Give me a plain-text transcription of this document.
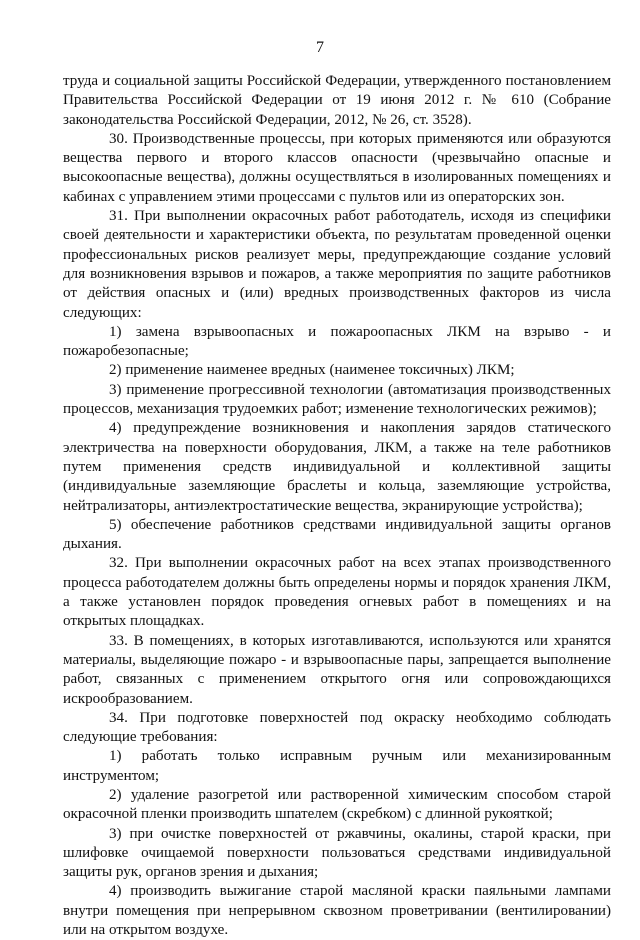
7

труда и социальной защиты Российской Федерации, утвержденного постановлением Правительства Российской Федерации от 19 июня 2012 г. № 610 (Собрание законодательства Российской Федерации, 2012, № 26, ст. 3528).

30. Производственные процессы, при которых применяются или образуются вещества первого и второго классов опасности (чрезвычайно опасные и высокоопасные вещества), должны осуществляться в изолированных помещениях и кабинах с управлением этими процессами с пультов или из операторских зон.

31. При выполнении окрасочных работ работодатель, исходя из специфики своей деятельности и характеристики объекта, по результатам проведенной оценки профессиональных рисков реализует меры, предупреждающие создание условий для возникновения взрывов и пожаров, а также мероприятия по защите работников от действия опасных и (или) вредных производственных факторов из числа следующих:

1) замена взрывоопасных и пожароопасных ЛКМ на взрыво - и пожаробезопасные;

2) применение наименее вредных (наименее токсичных) ЛКМ;

3) применение прогрессивной технологии (автоматизация производственных процессов, механизация трудоемких работ; изменение технологических режимов);

4) предупреждение возникновения и накопления зарядов статического электричества на поверхности оборудования, ЛКМ, а также на теле работников путем применения средств индивидуальной и коллективной защиты (индивидуальные заземляющие браслеты и кольца, заземляющие устройства, нейтрализаторы, антиэлектростатические вещества, экранирующие устройства);

5) обеспечение работников средствами индивидуальной защиты органов дыхания.

32. При выполнении окрасочных работ на всех этапах производственного процесса работодателем должны быть определены нормы и порядок хранения ЛКМ, а также установлен порядок проведения огневых работ в помещениях и на открытых площадках.

33. В помещениях, в которых изготавливаются, используются или хранятся материалы, выделяющие пожаро - и взрывоопасные пары, запрещается выполнение работ, связанных с применением открытого огня или сопровождающихся искрообразованием.

34. При подготовке поверхностей под окраску необходимо соблюдать следующие требования:

1) работать только исправным ручным или механизированным инструментом;

2) удаление разогретой или растворенной химическим способом старой окрасочной пленки производить шпателем (скребком) с длинной рукояткой;

3) при очистке поверхностей от ржавчины, окалины, старой краски, при шлифовке очищаемой поверхности пользоваться средствами индивидуальной защиты рук, органов зрения и дыхания;

4) производить выжигание старой масляной краски паяльными лампами внутри помещения при непрерывном сквозном проветривании (вентилировании) или на открытом воздухе.
